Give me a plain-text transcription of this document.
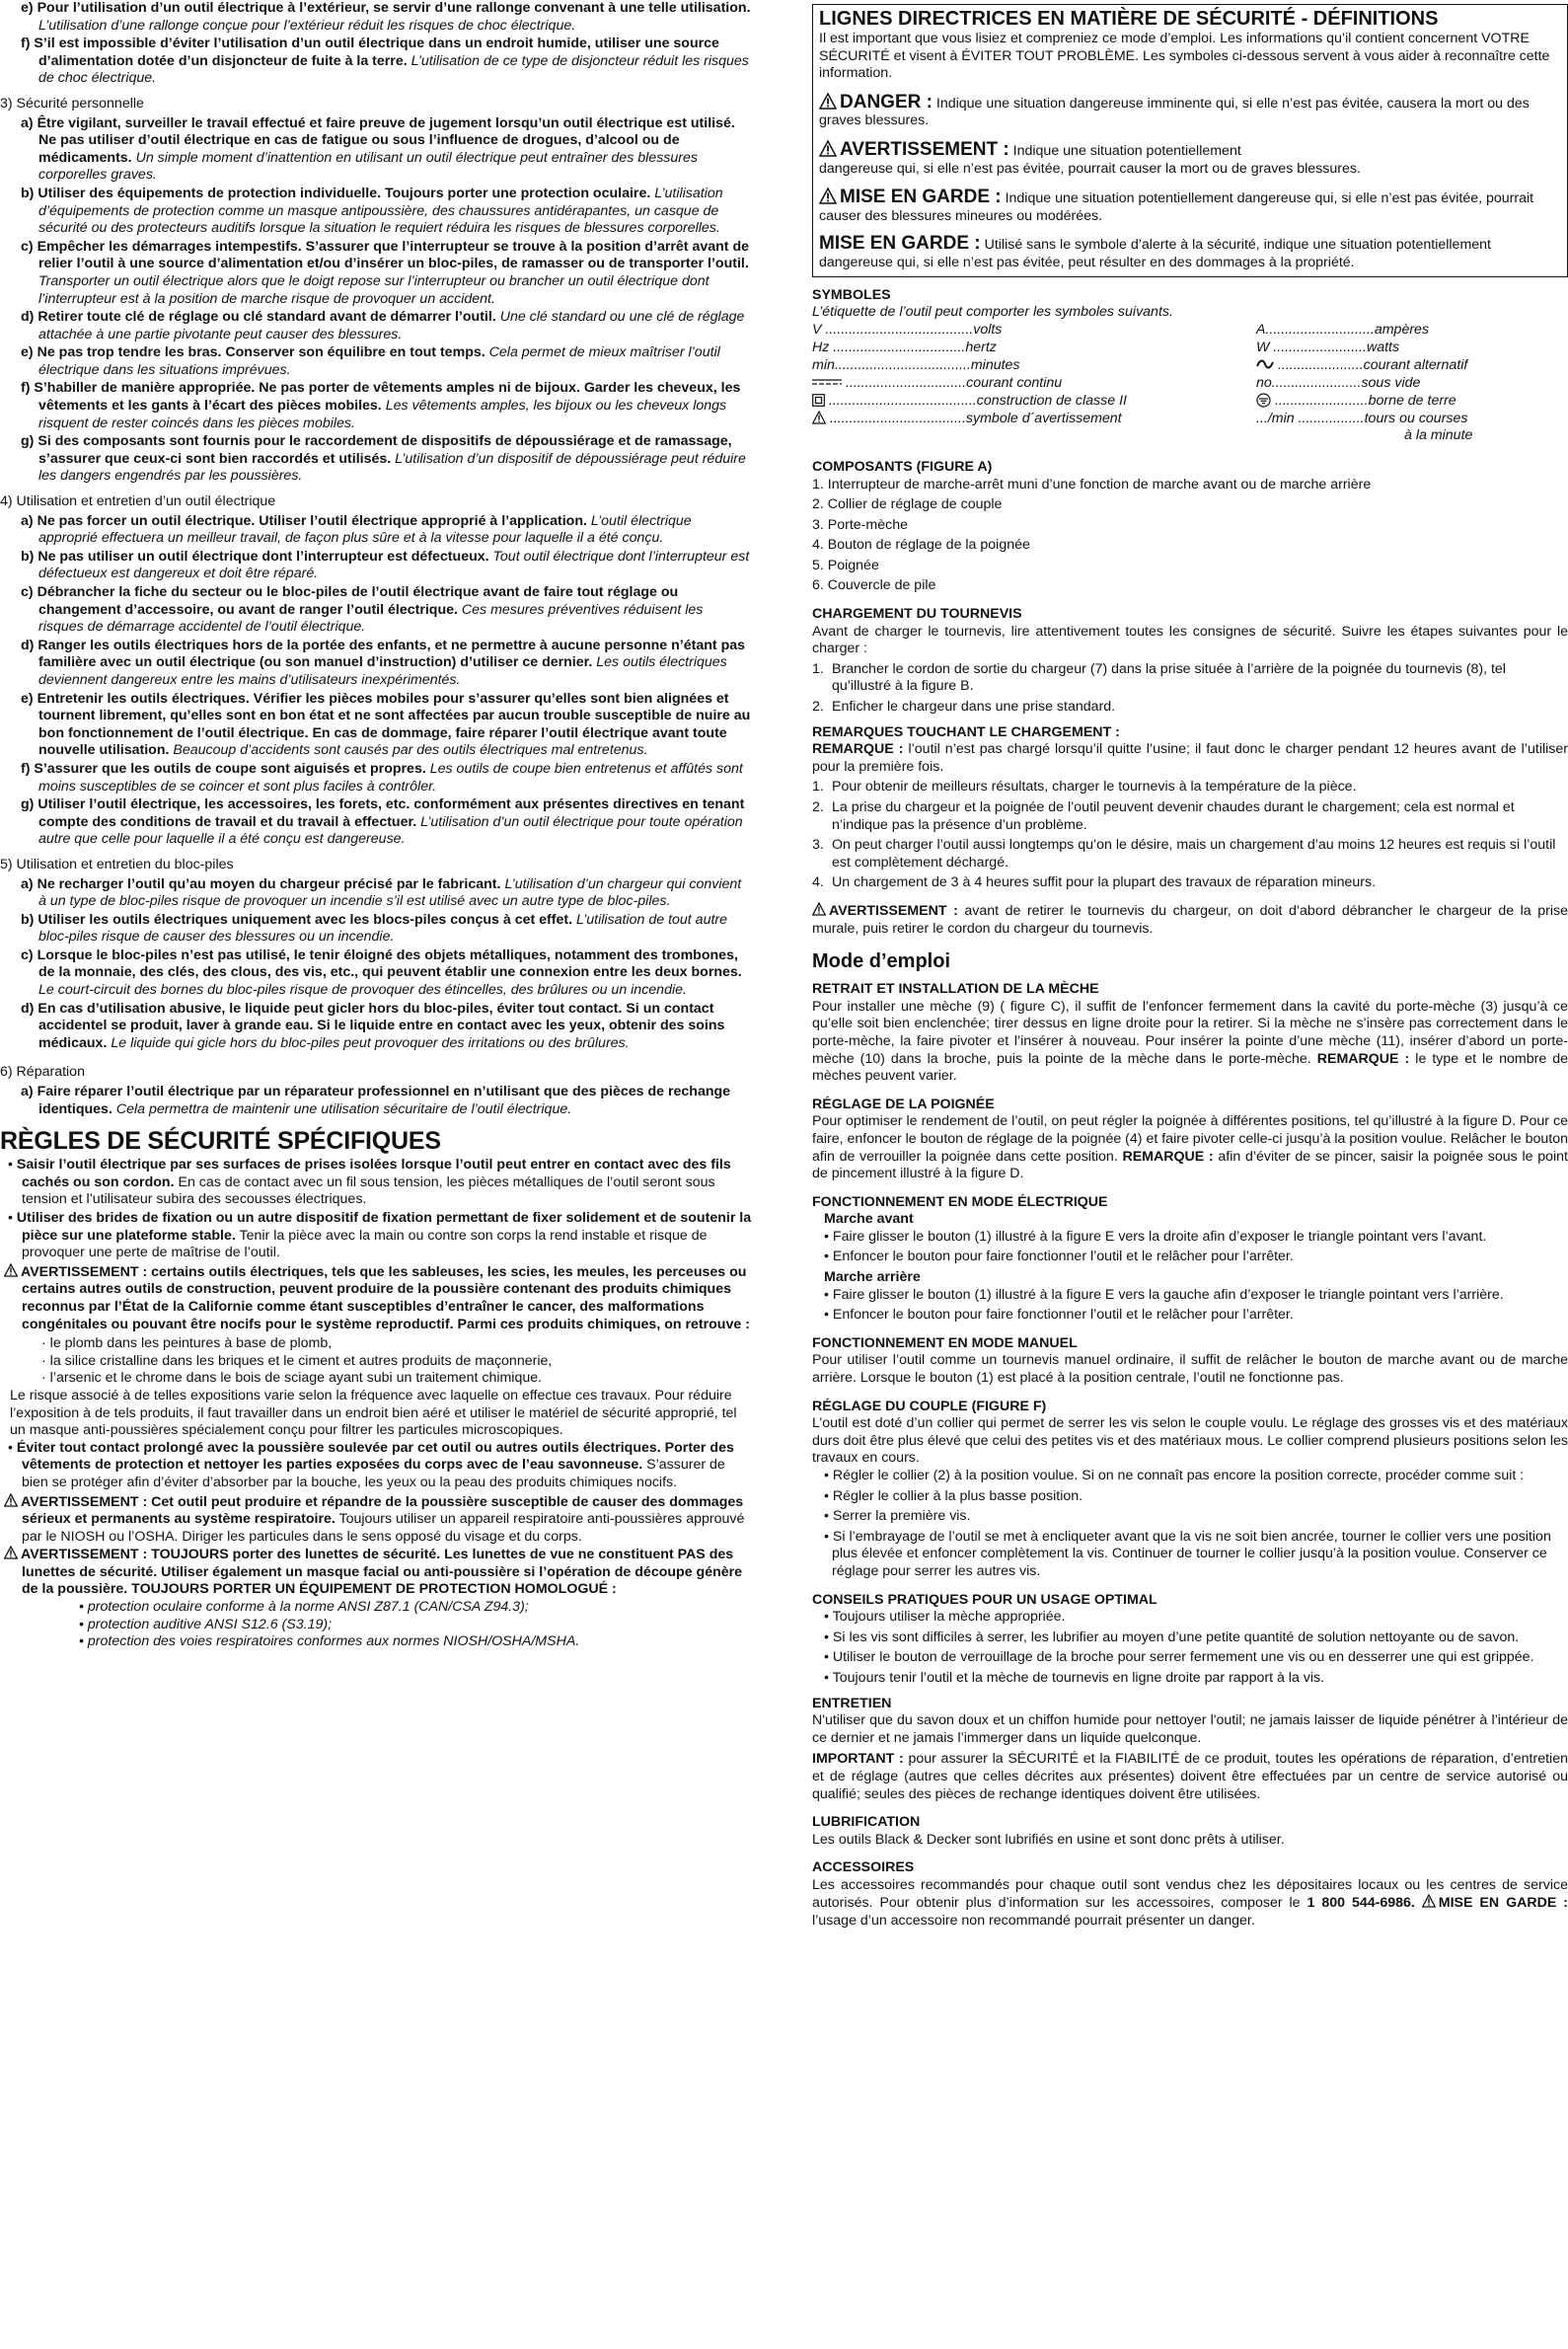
e) Pour l’utilisation d’un outil électrique à l’extérieur, se servir d’une rallonge convenant à une telle utilisation. L’utilisation d’une rallonge conçue pour l’extérieur réduit les risques de choc électrique.

f) S’il est impossible d’éviter l’utilisation d’un outil électrique dans un endroit humide, utiliser une source d’alimentation dotée d’un disjoncteur de fuite à la terre. L’utilisation de ce type de disjoncteur réduit les risques de choc électrique.

3) Sécurité personnelle

a) Être vigilant, surveiller le travail effectué et faire preuve de jugement lorsqu’un outil électrique est utilisé. Ne pas utiliser d’outil électrique en cas de fatigue ou sous l’influence de drogues, d’alcool ou de médicaments. Un simple moment d’inattention en utilisant un outil électrique peut entraîner des blessures corporelles graves.

b) Utiliser des équipements de protection individuelle. Toujours porter une protection oculaire. L’utilisation d’équipements de protection comme un masque antipoussière, des chaussures antidérapantes, un casque de sécurité ou des protecteurs auditifs lorsque la situation le requiert réduira les risques de blessures corporelles.

c) Empêcher les démarrages intempestifs. S’assurer que l’interrupteur se trouve à la position d’arrêt avant de relier l’outil à une source d’alimentation et/ou d’insérer un bloc-piles, de ramasser ou de transporter l’outil. Transporter un outil électrique alors que le doigt repose sur l’interrupteur ou brancher un outil électrique dont l’interrupteur est à la position de marche risque de provoquer un accident.

d) Retirer toute clé de réglage ou clé standard avant de démarrer l’outil. Une clé standard ou une clé de réglage attachée à une partie pivotante peut causer des blessures.

e) Ne pas trop tendre les bras. Conserver son équilibre en tout temps. Cela permet de mieux maîtriser l’outil électrique dans les situations imprévues.

f) S’habiller de manière appropriée. Ne pas porter de vêtements amples ni de bijoux. Garder les cheveux, les vêtements et les gants à l’écart des pièces mobiles. Les vêtements amples, les bijoux ou les cheveux longs risquent de rester coincés dans les pièces mobiles.

g) Si des composants sont fournis pour le raccordement de dispositifs de dépoussiérage et de ramassage, s’assurer que ceux-ci sont bien raccordés et utilisés. L’utilisation d’un dispositif de dépoussiérage peut réduire les dangers engendrés par les poussières.

4) Utilisation et entretien d’un outil électrique

a) Ne pas forcer un outil électrique. Utiliser l’outil électrique approprié à l’application. L’outil électrique approprié effectuera un meilleur travail, de façon plus sûre et à la vitesse pour laquelle il a été conçu.

b) Ne pas utiliser un outil électrique dont l’interrupteur est défectueux. Tout outil électrique dont l’interrupteur est défectueux est dangereux et doit être réparé.

c) Débrancher la fiche du secteur ou le bloc-piles de l’outil électrique avant de faire tout réglage ou changement d’accessoire, ou avant de ranger l’outil électrique. Ces mesures préventives réduisent les risques de démarrage accidentel de l’outil électrique.

d) Ranger les outils électriques hors de la portée des enfants, et ne permettre à aucune personne n’étant pas familière avec un outil électrique (ou son manuel d’instruction) d’utiliser ce dernier. Les outils électriques deviennent dangereux entre les mains d’utilisateurs inexpérimentés.

e) Entretenir les outils électriques. Vérifier les pièces mobiles pour s’assurer qu’elles sont bien alignées et tournent librement, qu’elles sont en bon état et ne sont affectées par aucun trouble susceptible de nuire au bon fonctionnement de l’outil électrique. En cas de dommage, faire réparer l’outil électrique avant toute nouvelle utilisation. Beaucoup d’accidents sont causés par des outils électriques mal entretenus.

f) S’assurer que les outils de coupe sont aiguisés et propres. Les outils de coupe bien entretenus et affûtés sont moins susceptibles de se coincer et sont plus faciles à contrôler.

g) Utiliser l’outil électrique, les accessoires, les forets, etc. conformément aux présentes directives en tenant compte des conditions de travail et du travail à effectuer. L’utilisation d’un outil électrique pour toute opération autre que celle pour laquelle il a été conçu est dangereuse.

5) Utilisation et entretien du bloc-piles

a) Ne recharger l’outil qu’au moyen du chargeur précisé par le fabricant. L’utilisation d’un chargeur qui convient à un type de bloc-piles risque de provoquer un incendie s’il est utilisé avec un autre type de bloc-piles.

b) Utiliser les outils électriques uniquement avec les blocs-piles conçus à cet effet. L’utilisation de tout autre bloc-piles risque de causer des blessures ou un incendie.

c) Lorsque le bloc-piles n’est pas utilisé, le tenir éloigné des objets métalliques, notamment des trombones, de la monnaie, des clés, des clous, des vis, etc., qui peuvent établir une connexion entre les deux bornes. Le court-circuit des bornes du bloc-piles risque de provoquer des étincelles, des brûlures ou un incendie.

d) En cas d’utilisation abusive, le liquide peut gicler hors du bloc-piles, éviter tout contact. Si un contact accidentel se produit, laver à grande eau. Si le liquide entre en contact avec les yeux, obtenir des soins médicaux. Le liquide qui gicle hors du bloc-piles peut provoquer des irritations ou des brûlures.

6) Réparation

a) Faire réparer l’outil électrique par un réparateur professionnel en n’utilisant que des pièces de rechange identiques. Cela permettra de maintenir une utilisation sécuritaire de l’outil électrique.

RÈGLES DE SÉCURITÉ SPÉCIFIQUES

• Saisir l’outil électrique par ses surfaces de prises isolées lorsque l’outil peut entrer en contact avec des fils cachés ou son cordon. En cas de contact avec un fil sous tension, les pièces métalliques de l’outil seront sous tension et l’utilisateur subira des secousses électriques.

• Utiliser des brides de fixation ou un autre dispositif de fixation permettant de fixer solidement et de soutenir la pièce sur une plateforme stable. Tenir la pièce avec la main ou contre son corps la rend instable et risque de provoquer une perte de maîtrise de l’outil.

AVERTISSEMENT : certains outils électriques, tels que les sableuses, les scies, les meules, les perceuses ou certains autres outils de construction, peuvent produire de la poussière contenant des produits chimiques reconnus par l’État de la Californie comme étant susceptibles d’entraîner le cancer, des malformations congénitales ou pouvant être nocifs pour le système reproductif. Parmi ces produits chimiques, on retrouve :

· le plomb dans les peintures à base de plomb,

· la silice cristalline dans les briques et le ciment et autres produits de maçonnerie,

· l’arsenic et le chrome dans le bois de sciage ayant subi un traitement chimique.

Le risque associé à de telles expositions varie selon la fréquence avec laquelle on effectue ces travaux. Pour réduire l’exposition à de tels produits, il faut travailler dans un endroit bien aéré et utiliser le matériel de sécurité approprié, tel un masque anti-poussières spécialement conçu pour filtrer les particules microscopiques.

• Éviter tout contact prolongé avec la poussière soulevée par cet outil ou autres outils électriques. Porter des vêtements de protection et nettoyer les parties exposées du corps avec de l’eau savonneuse. S’assurer de bien se protéger afin d’éviter d’absorber par la bouche, les yeux ou la peau des produits chimiques nocifs.

AVERTISSEMENT : Cet outil peut produire et répandre de la poussière susceptible de causer des dommages sérieux et permanents au système respiratoire. Toujours utiliser un appareil respiratoire anti-poussières approuvé par le NIOSH ou l’OSHA. Diriger les particules dans le sens opposé du visage et du corps.

AVERTISSEMENT : TOUJOURS porter des lunettes de sécurité. Les lunettes de vue ne constituent PAS des lunettes de sécurité. Utiliser également un masque facial ou anti-poussière si l’opération de découpe génère de la poussière. TOUJOURS PORTER UN ÉQUIPEMENT DE PROTECTION HOMOLOGUÉ :

• protection oculaire conforme à la norme ANSI Z87.1 (CAN/CSA Z94.3);

• protection auditive ANSI S12.6 (S3.19);

• protection des voies respiratoires conformes aux normes NIOSH/OSHA/MSHA.

LIGNES DIRECTRICES EN MATIÈRE DE SÉCURITÉ - DÉFINITIONS

Il est important que vous lisiez et compreniez ce mode d’emploi. Les informations qu’il contient concernent VOTRE SÉCURITÉ et visent à ÉVITER TOUT PROBLÈME. Les symboles ci-dessous servent à vous aider à reconnaître cette information.

DANGER : Indique une situation dangereuse imminente qui, si elle n’est pas évitée, causera la mort ou des graves blessures.

AVERTISSEMENT : Indique une situation potentiellement
dangereuse qui, si elle n’est pas évitée, pourrait causer la mort ou de graves blessures.

MISE EN GARDE : Indique une situation potentiellement dangereuse qui, si elle n’est pas évitée, pourrait causer des blessures mineures ou modérées.

MISE EN GARDE : Utilisé sans le symbole d’alerte à la sécurité, indique une situation potentiellement dangereuse qui, si elle n’est pas évitée, peut résulter en des dommages à la propriété.

SYMBOLES

L’étiquette de l’outil peut comporter les symboles suivants.

V ......................................volts	A............................ampères
Hz ..................................hertz	W ........................watts
min...................................minutes	......................courant alternatif
...............................courant continu	no.......................sous vide
......................................construction de classe II	........................borne de terre
...................................symbole d´avertissement	.../min .................tours ou courses
à la minute

COMPOSANTS (FIGURE A)

1. Interrupteur de marche-arrêt muni d’une fonction de marche avant ou de marche arrière

2. Collier de réglage de couple

3. Porte-mèche

4. Bouton de réglage de la poignée

5. Poignée

6. Couvercle de pile

CHARGEMENT DU TOURNEVIS

Avant de charger le tournevis, lire attentivement toutes les consignes de sécurité. Suivre les étapes suivantes pour le charger :

1. Brancher le cordon de sortie du chargeur (7) dans la prise située à l’arrière de la poignée du tournevis (8), tel qu’illustré à la figure B.

2. Enficher le chargeur dans une prise standard.

REMARQUES TOUCHANT LE CHARGEMENT :

REMARQUE : l’outil n’est pas chargé lorsqu’il quitte l’usine; il faut donc le charger pendant 12 heures avant de l’utiliser pour la première fois.

1. Pour obtenir de meilleurs résultats, charger le tournevis à la température de la pièce.

2. La prise du chargeur et la poignée de l’outil peuvent devenir chaudes durant le chargement; cela est normal et n’indique pas la présence d’un problème.

3. On peut charger l’outil aussi longtemps qu’on le désire, mais un chargement d’au moins 12 heures est requis si l’outil est complètement déchargé.

4. Un chargement de 3 à 4 heures suffit pour la plupart des travaux de réparation mineurs.

AVERTISSEMENT : avant de retirer le tournevis du chargeur, on doit d’abord débrancher le chargeur de la prise murale, puis retirer le cordon du chargeur du tournevis.

Mode d’emploi

RETRAIT ET INSTALLATION DE LA MÈCHE

Pour installer une mèche (9) ( figure C), il suffit de l’enfoncer fermement dans la cavité du porte-mèche (3) jusqu’à ce qu’elle soit bien enclenchée; tirer dessus en ligne droite pour la retirer. Si la mèche ne s’insère pas correctement dans le porte-mèche, la faire pivoter et l’insérer à nouveau. Pour insérer la pointe d’une mèche (11), insérer d’abord un porte-mèche (10) dans la broche, puis la pointe de la mèche dans le porte-mèche. REMARQUE : le type et le nombre de mèches peuvent varier.

RÉGLAGE DE LA POIGNÉE

Pour optimiser le rendement de l’outil, on peut régler la poignée à différentes positions, tel qu’illustré à la figure D. Pour ce faire, enfoncer le bouton de réglage de la poignée (4) et faire pivoter celle-ci jusqu’à la position voulue. Relâcher le bouton afin de verrouiller la poignée dans cette position. REMARQUE : afin d’éviter de se pincer, saisir la poignée sous le point de pincement illustré à la figure D.

FONCTIONNEMENT EN MODE ÉLECTRIQUE

Marche avant

• Faire glisser le bouton (1) illustré à la figure E vers la droite afin d’exposer le triangle pointant vers l’avant.

• Enfoncer le bouton pour faire fonctionner l’outil et le relâcher pour l’arrêter.

Marche arrière

• Faire glisser le bouton (1) illustré à la figure E vers la gauche afin d’exposer le triangle pointant vers l’arrière.

• Enfoncer le bouton pour faire fonctionner l’outil et le relâcher pour l’arrêter.

FONCTIONNEMENT EN MODE MANUEL

Pour utiliser l’outil comme un tournevis manuel ordinaire, il suffit de relâcher le bouton de marche avant ou de marche arrière. Lorsque le bouton (1) est placé à la position centrale, l’outil ne fonctionne pas.

RÉGLAGE DU COUPLE (FIGURE F)

L’outil est doté d’un collier qui permet de serrer les vis selon le couple voulu. Le réglage des grosses vis et des matériaux durs doit être plus élevé que celui des petites vis et des matériaux mous. Le collier comprend plusieurs positions selon les travaux en cours.

• Régler le collier (2) à la position voulue. Si on ne connaît pas encore la position correcte, procéder comme suit :

• Régler le collier à la plus basse position.

• Serrer la première vis.

• Si l’embrayage de l’outil se met à encliqueter avant que la vis ne soit bien ancrée, tourner le collier vers une position plus élevée et enfoncer complètement la vis. Continuer de tourner le collier jusqu’à la position voulue. Conserver ce réglage pour serrer les autres vis.

CONSEILS PRATIQUES POUR UN USAGE OPTIMAL

• Toujours utiliser la mèche appropriée.

• Si les vis sont difficiles à serrer, les lubrifier au moyen d’une petite quantité de solution nettoyante ou de savon.

• Utiliser le bouton de verrouillage de la broche pour serrer fermement une vis ou en desserrer une qui est grippée.

• Toujours tenir l’outil et la mèche de tournevis en ligne droite par rapport à la vis.

ENTRETIEN

N'utiliser que du savon doux et un chiffon humide pour nettoyer l'outil; ne jamais laisser de liquide pénétrer à l’intérieur de ce dernier et ne jamais l’immerger dans un liquide quelconque.

IMPORTANT : pour assurer la SÉCURITÉ et la FIABILITÉ de ce produit, toutes les opérations de réparation, d’entretien et de réglage (autres que celles décrites aux présentes) doivent être effectuées par un centre de service autorisé ou qualifié; seules des pièces de rechange identiques doivent être utilisées.

LUBRIFICATION

Les outils Black & Decker sont lubrifiés en usine et sont donc prêts à utiliser.

ACCESSOIRES

Les accessoires recommandés pour chaque outil sont vendus chez les dépositaires locaux ou les centres de service autorisés. Pour obtenir plus d’information sur les accessoires, composer le 1 800 544-6986. MISE EN GARDE : l’usage d’un accessoire non recommandé pourrait présenter un danger.
